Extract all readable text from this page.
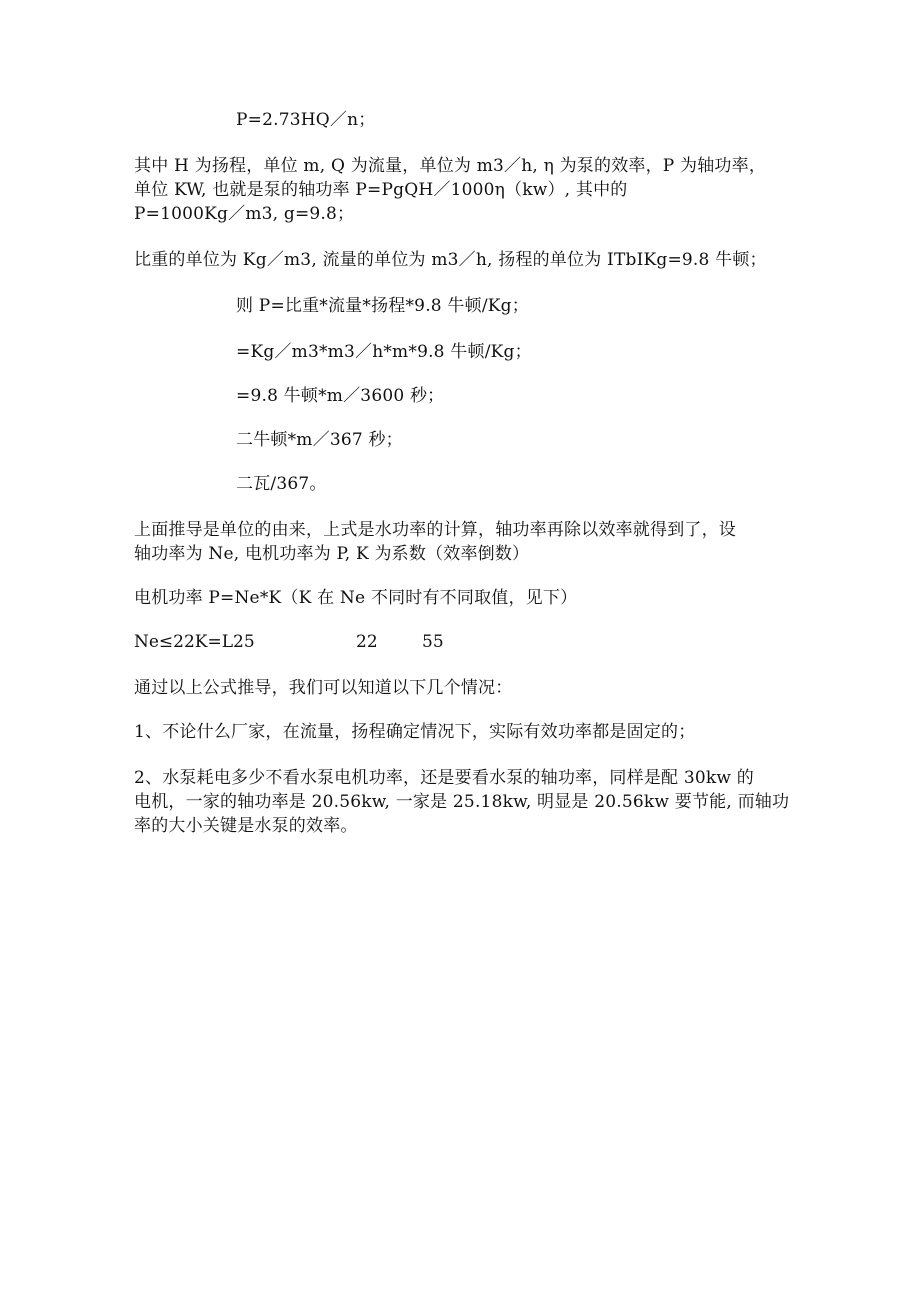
P=2.73HQ／n；
其中 H 为扬程，单位 m, Q 为流量，单位为 m3／h, η 为泵的效率，P 为轴功率，
单位 KW, 也就是泵的轴功率 P=PgQH／1000η（kw）, 其中的
P=1000Kg／m3, g=9.8；
比重的单位为 Kg／m3, 流量的单位为 m3／h, 扬程的单位为 ITbIKg=9.8 牛顿；
则 P=比重*流量*扬程*9.8 牛顿/Kg；
=Kg／m3*m3／h*m*9.8 牛顿/Kg；
=9.8 牛顿*m／3600 秒；
二牛顿*m／367 秒；
二瓦/367。
上面推导是单位的由来，上式是水功率的计算，轴功率再除以效率就得到了，设
轴功率为 Ne, 电机功率为 P, K 为系数（效率倒数）
电机功率 P=Ne*K（K 在 Ne 不同时有不同取值，见下）
Ne≤22K=L25	22	55
通过以上公式推导，我们可以知道以下几个情况：
1、不论什么厂家，在流量，扬程确定情况下，实际有效功率都是固定的；
2、水泵耗电多少不看水泵电机功率，还是要看水泵的轴功率，同样是配 30kw 的
电机，一家的轴功率是 20.56kw, 一家是 25.18kw, 明显是 20.56kw 要节能, 而轴功
率的大小关键是水泵的效率。
